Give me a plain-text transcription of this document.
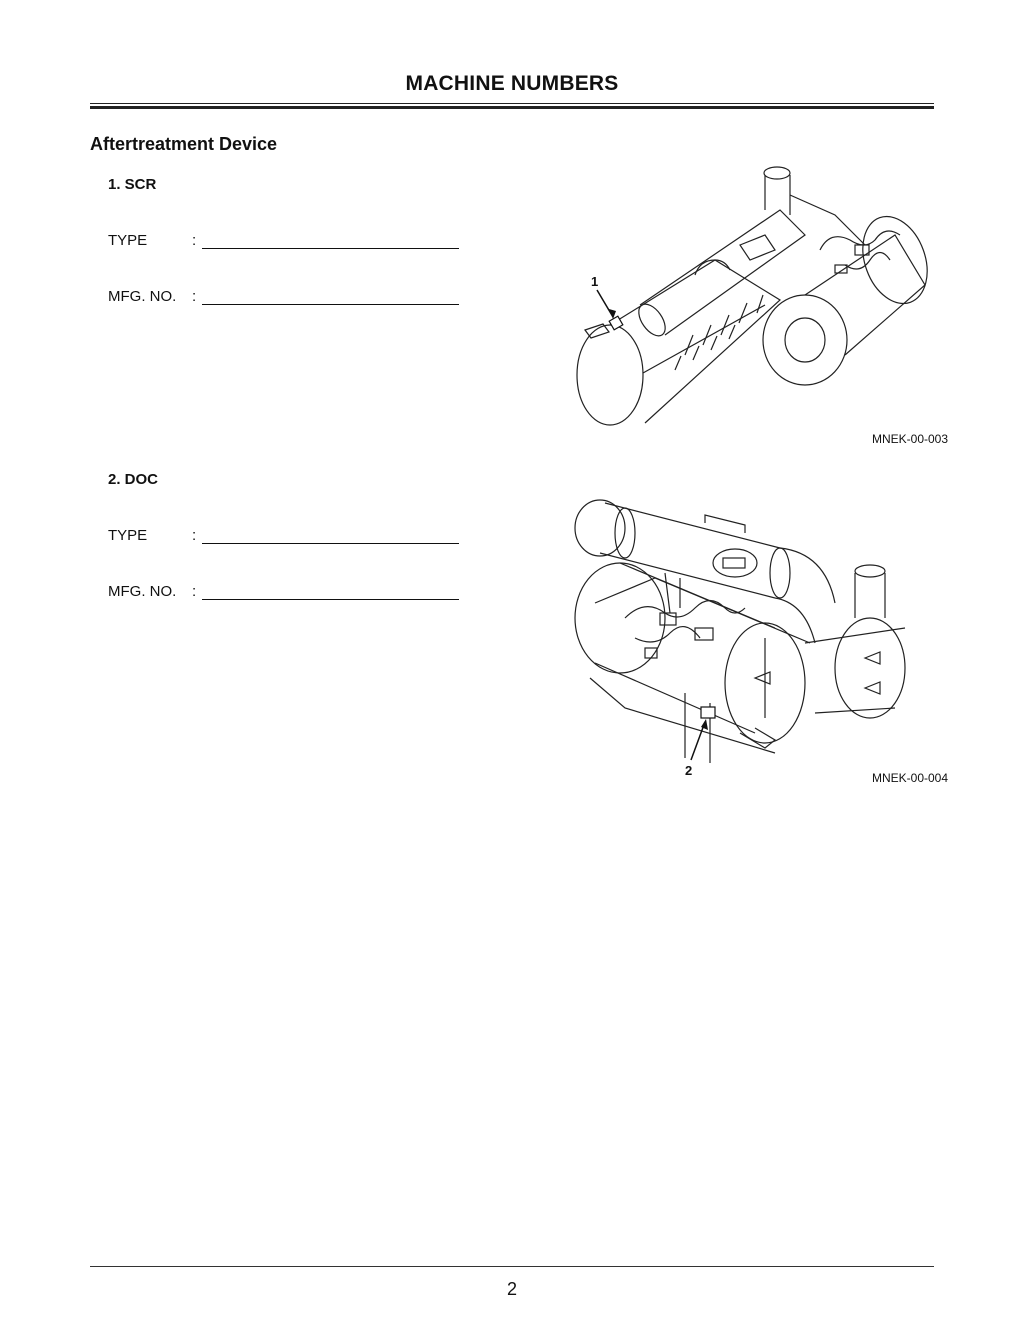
MACHINE NUMBERS
Aftertreatment Device
1. SCR
TYPE	:
MFG. NO. :
1
MNEK-00-003
2. DOC
TYPE	:
MFG. NO. :
2	MNEK-00-004
2
